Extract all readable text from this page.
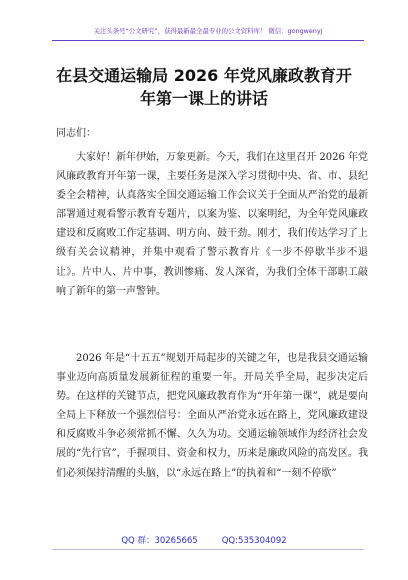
关注头条号“公文研究”，获得最新最全最专业的公文资料库！ 微信：gongwenyj
在县交通运输局 2026 年党风廉政教育开
年第一课上的讲话
同志们：

大家好！新年伊始，万象更新。今天，我们在这里召开 2026 年党风廉政教育开年第一课，主要任务是深入学习贯彻中央、省、市、县纪委全会精神，认真落实全国交通运输工作会议关于全面从严治党的最新部署通过观看警示教育专题片，以案为鉴、以案明纪，为全年党风廉政建设和反腐败工作定基调、明方向、鼓干劲。刚才，我们传达学习了上级有关会议精神，并集中观看了警示教育片《一步不停歇半步不退让》。片中人、片中事，教训惨痛、发人深省，为我们全体干部职工敲响了新年的第一声警钟。

2026 年是“十五五”规划开局起步的关键之年，也是我县交通运输事业迈向高质量发展新征程的重要一年。开局关乎全局，起步决定后势。在这样的关键节点，把党风廉政教育作为“开年第一课”，就是要向全局上下释放一个强烈信号：全面从严治党永远在路上，党风廉政建设和反腐败斗争必须常抓不懈、久久为功。交通运输领域作为经济社会发展的“先行官”，手握项目、资金和权力，历来是廉政风险的高发区。我们必须保持清醒的头脑，以“永远在路上”的执着和“一刻不停歇”

QQ 群：30265665	QQ:535304092
